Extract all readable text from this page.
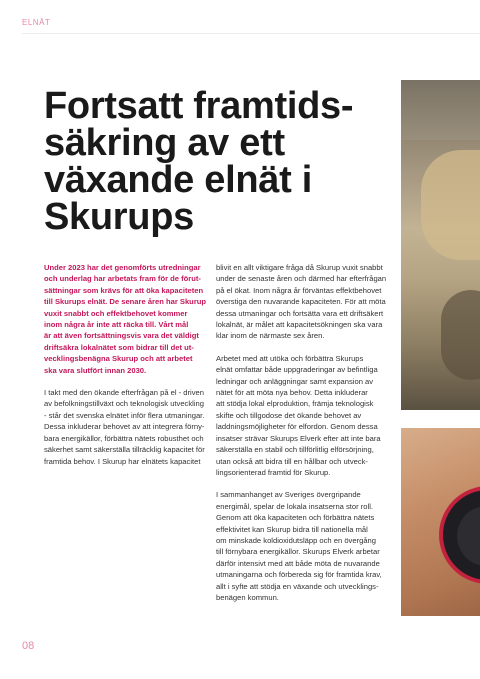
ELNÄT
Fortsatt framtids-
säkring av ett
växande elnät i
Skurups
Under 2023 har det genomförts utredningar
och underlag har arbetats fram för de förut-
sättningar som krävs för att öka kapaciteten
till Skurups elnät. De senare åren har Skurup
vuxit snabbt och effektbehovet kommer
inom några år inte att räcka till. Vårt mål
är att även fortsättningsvis vara det väldigt
driftsäkra lokalnätet som bidrar till det ut-
vecklingsbenägna Skurup och att arbetet
ska vara slutfört innan 2030.
I takt med den ökande efterfrågan på el - driven
av befolkningstillväxt och teknologisk utveckling
- står det svenska elnätet inför flera utmaningar.
Dessa inkluderar behovet av att integrera förny-
bara energikällor, förbättra nätets robusthet och
säkerhet samt säkerställa tillräcklig kapacitet för
framtida behov. I Skurup har elnätets kapacitet
blivit en allt viktigare fråga då Skurup vuxit snabbt
under de senaste åren och därmed har efterfrågan
på el ökat. Inom några år förväntas effektbehovet
överstiga den nuvarande kapaciteten. För att möta
dessa utmaningar och fortsätta vara ett driftsäkert
lokalnät, är målet att kapacitetsökningen ska vara
klar inom de närmaste sex åren.
Arbetet med att utöka och förbättra Skurups
elnät omfattar både uppgraderingar av befintliga
ledningar och anläggningar samt expansion av
nätet för att möta nya behov. Detta inkluderar
att stödja lokal elproduktion, främja teknologisk
skifte och tillgodose det ökande behovet av
laddningsmöjligheter för elfordon. Genom dessa
insatser strävar Skurups Elverk efter att inte bara
säkerställa en stabil och tillförlitlig elförsörjning,
utan också att bidra till en hållbar och utveck-
lingsorienterad framtid för Skurup.
I sammanhanget av Sveriges övergripande
energimål, spelar de lokala insatserna stor roll.
Genom att öka kapaciteten och förbättra nätets
effektivitet kan Skurup bidra till nationella mål
om minskade koldioxidutsläpp och en övergång
till förnybara energikällor. Skurups Elverk arbetar
därför intensivt med att både möta de nuvarande
utmaningarna och förbereda sig för framtida krav,
allt i syfte att stödja en växande och utvecklings-
benägen kommun.
08
